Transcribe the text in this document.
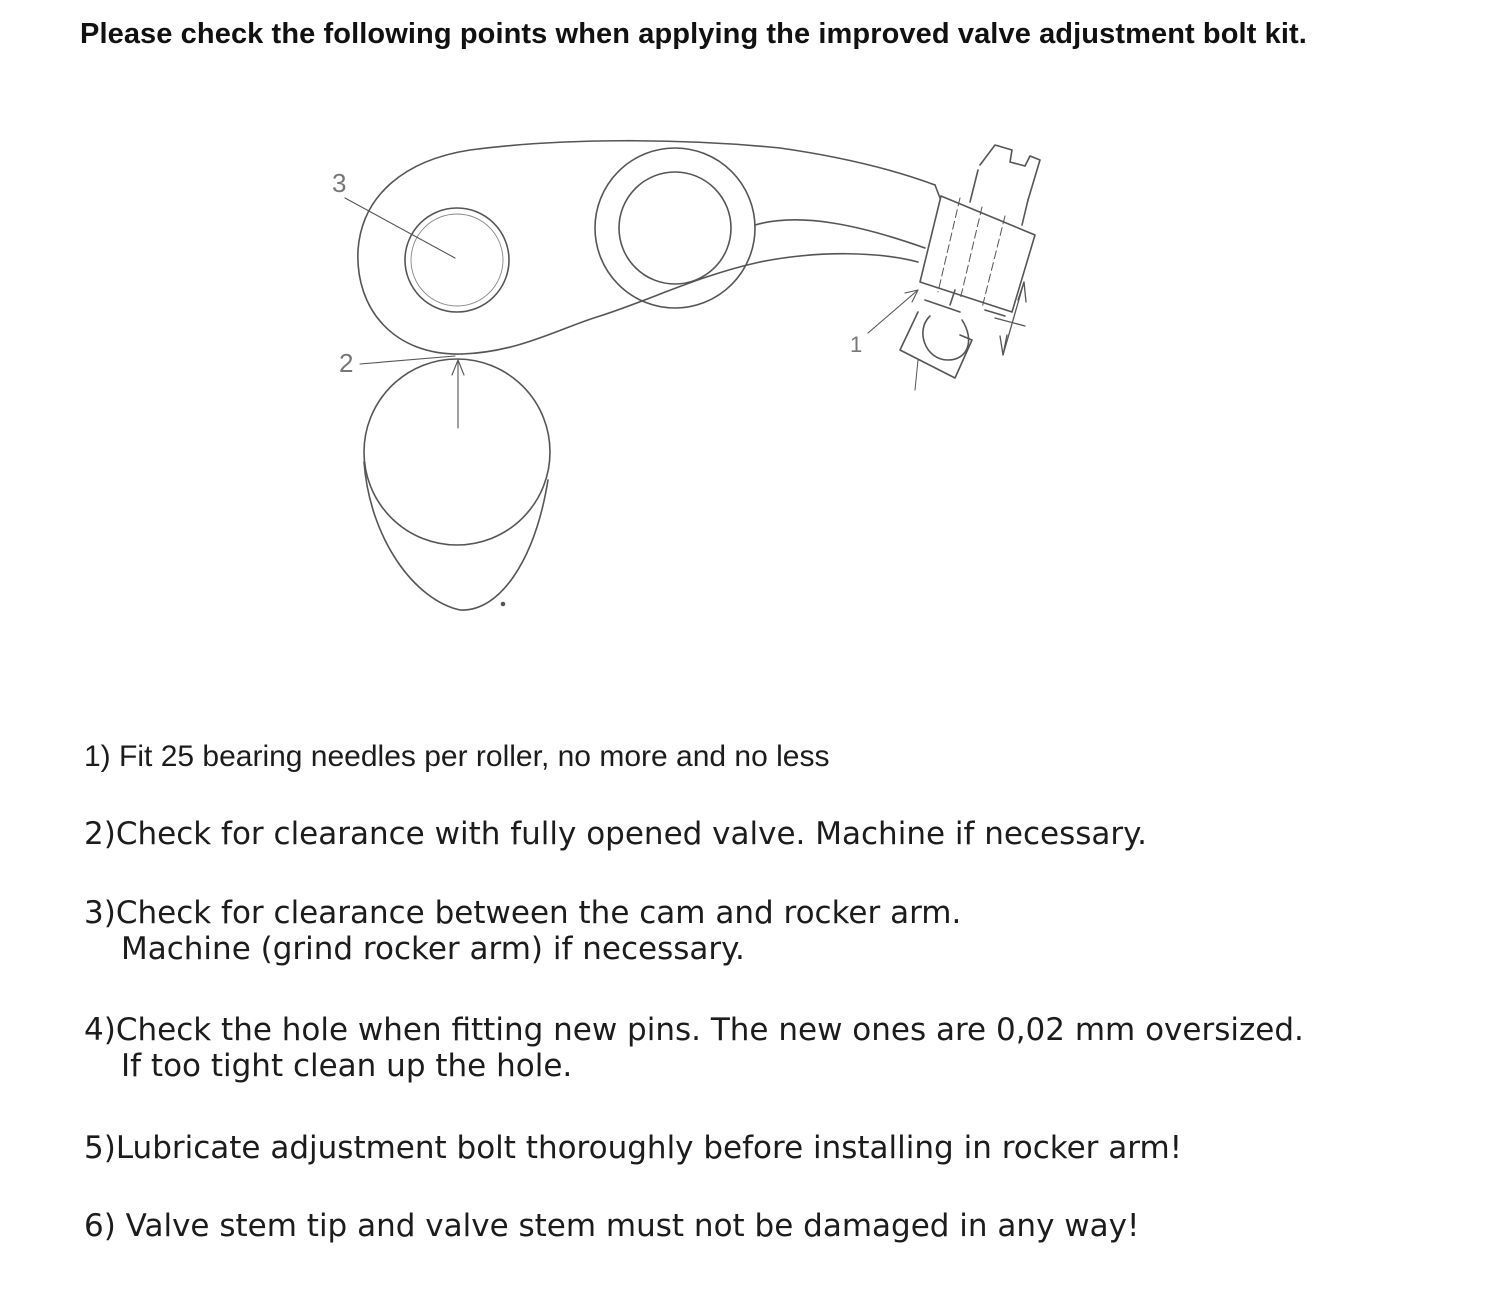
Please check the following points when applying the improved valve adjustment bolt kit.
3
2
1
1) Fit 25 bearing needles per roller, no more and no less
2)Check for clearance with fully opened valve. Machine if necessary.
3)Check for clearance between the cam and rocker arm.
Machine (grind rocker arm) if necessary.
4)Check the hole when fitting new pins. The new ones are 0,02 mm oversized.
If too tight clean up the hole.
5)Lubricate adjustment bolt thoroughly before installing in rocker arm!
6) Valve stem tip and valve stem must not be damaged in any way!
